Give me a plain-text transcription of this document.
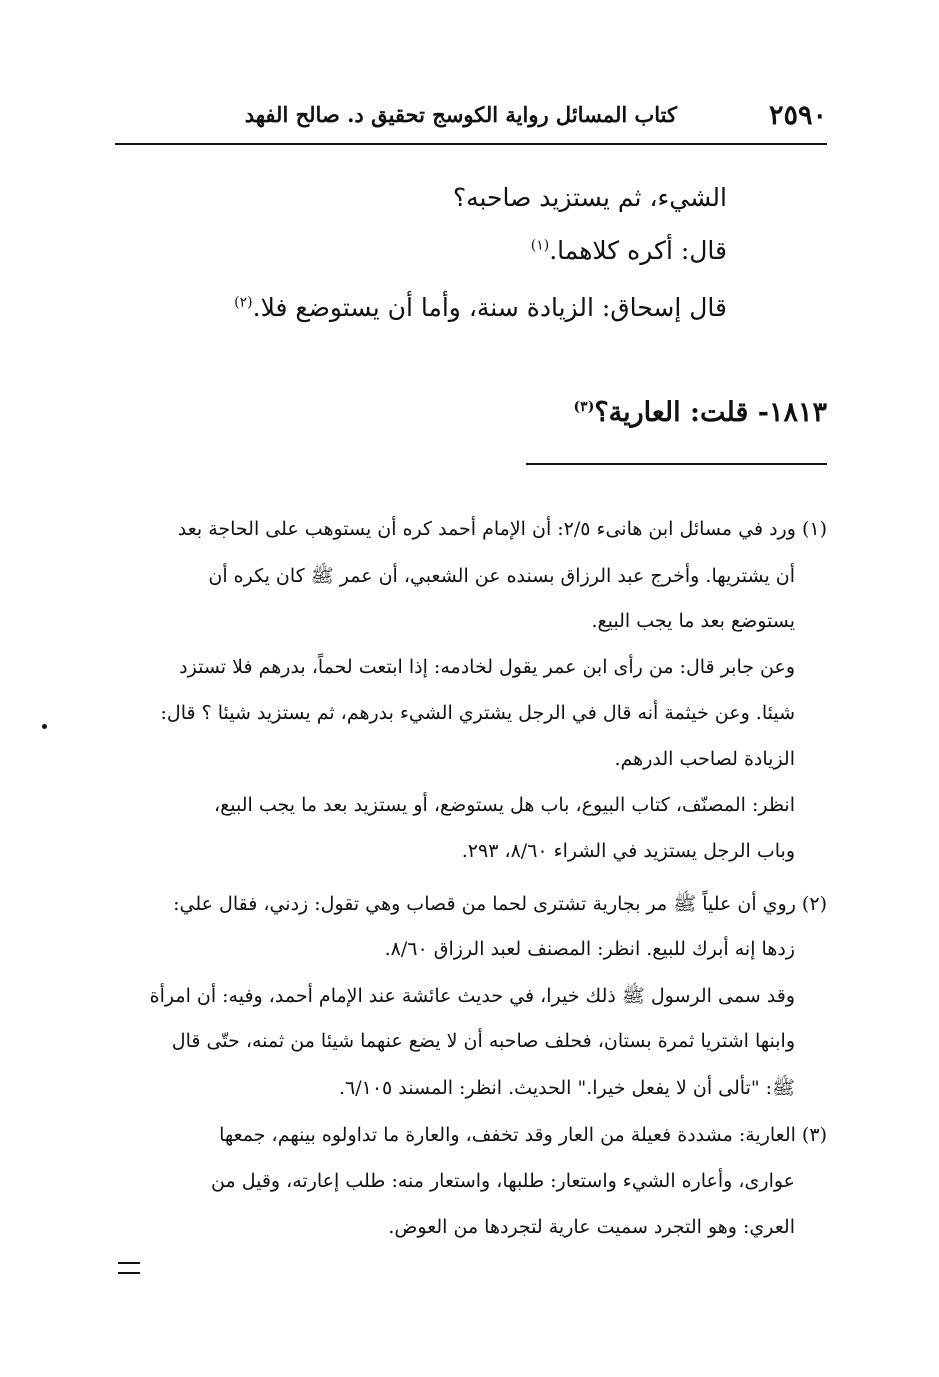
٢٥٩٠
كتاب المسائل رواية الكوسج تحقيق د. صالح الفهد
الشيء، ثم يستزيد صاحبه؟
قال: أكره كلاهما.$^{(١)}$
قال إسحاق: الزيادة سنة، وأما أن يستوضع فلا.$^{(٢)}$
١٨١٣- قلت: العارية؟$^{(٣)}$
(١) ورد في مسائل ابن هانىء ٢/٥: أن الإمام أحمد كره أن يستوهب على الحاجة بعد
أن يشتريها. وأخرج عبد الرزاق بسنده عن الشعبي، أن عمر ﷺ كان يكره أن
يستوضع بعد ما يجب البيع.
وعن جابر قال: من رأى ابن عمر يقول لخادمه: إذا ابتعت لحماً، بدرهم فلا تستزد
شيئا. وعن خيثمة أنه قال في الرجل يشتري الشيء بدرهم، ثم يستزيد شيئا ؟ قال:
الزيادة لصاحب الدرهم.
انظر: المصنّف، كتاب البيوع، باب هل يستوضع، أو يستزيد بعد ما يجب البيع،
وباب الرجل يستزيد في الشراء ٨/٦٠، ٢٩٣.
(٢) روي أن علياً ﷺ مر بجارية تشترى لحما من قصاب وهي تقول: زدني، فقال علي:
زدها إنه أبرك للبيع. انظر: المصنف لعبد الرزاق ٨/٦٠.
وقد سمى الرسول ﷺ ذلك خيرا، في حديث عائشة عند الإمام أحمد، وفيه: أن امرأة
وابنها اشتريا ثمرة بستان، فحلف صاحبه أن لا يضع عنهما شيئا من ثمنه، حتّى قال
ﷺ: "تألى أن لا يفعل خيرا." الحديث. انظر: المسند ٦/١٠٥.
(٣) العارية: مشددة فعيلة من العار وقد تخفف، والعارة ما تداولوه بينهم، جمعها
عوارى، وأعاره الشيء واستعار: طلبها، واستعار منه: طلب إعارته، وقيل من
العري: وهو التجرد سميت عارية لتجردها من العوض.
